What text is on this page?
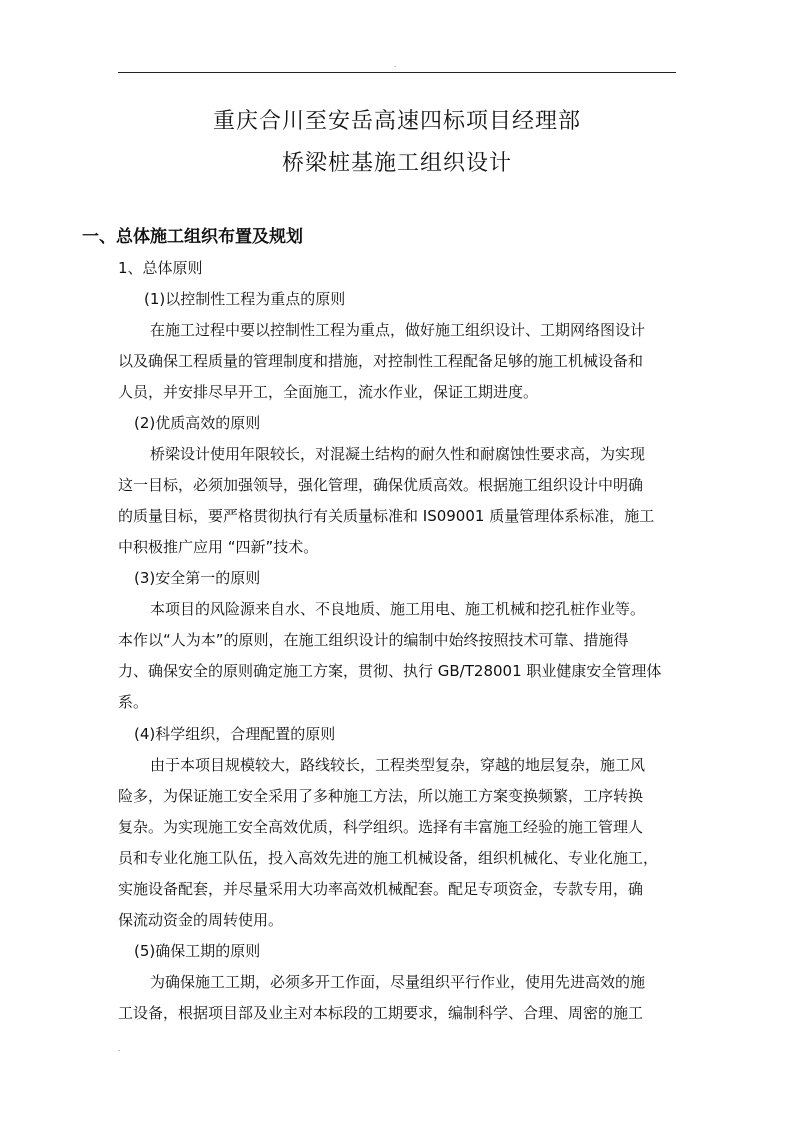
.
重庆合川至安岳高速四标项目经理部
桥梁桩基施工组织设计
一、总体施工组织布置及规划
1、总体原则
(1)以控制性工程为重点的原则
在施工过程中要以控制性工程为重点，做好施工组织设计、工期网络图设计
以及确保工程质量的管理制度和措施，对控制性工程配备足够的施工机械设备和
人员，并安排尽早开工，全面施工，流水作业，保证工期进度。
(2)优质高效的原则
桥梁设计使用年限较长，对混凝土结构的耐久性和耐腐蚀性要求高，为实现
这一目标，必须加强领导，强化管理，确保优质高效。根据施工组织设计中明确
的质量目标，要严格贯彻执行有关质量标准和 IS09001 质量管理体系标准，施工
中积极推广应用 “四新”技术。
(3)安全第一的原则
本项目的风险源来自水、不良地质、施工用电、施工机械和挖孔桩作业等。
本作以“人为本”的原则，在施工组织设计的编制中始终按照技术可靠、措施得
力、确保安全的原则确定施工方案，贯彻、执行 GB/T28001 职业健康安全管理体
系。
(4)科学组织，合理配置的原则
由于本项目规模较大，路线较长，工程类型复杂，穿越的地层复杂，施工风
险多，为保证施工安全采用了多种施工方法，所以施工方案变换频繁，工序转换
复杂。为实现施工安全高效优质，科学组织。选择有丰富施工经验的施工管理人
员和专业化施工队伍，投入高效先进的施工机械设备，组织机械化、专业化施工，
实施设备配套，并尽量采用大功率高效机械配套。配足专项资金，专款专用，确
保流动资金的周转使用。
(5)确保工期的原则
为确保施工工期，必须多开工作面，尽量组织平行作业，使用先进高效的施
工设备，根据项目部及业主对本标段的工期要求，编制科学、合理、周密的施工
.
